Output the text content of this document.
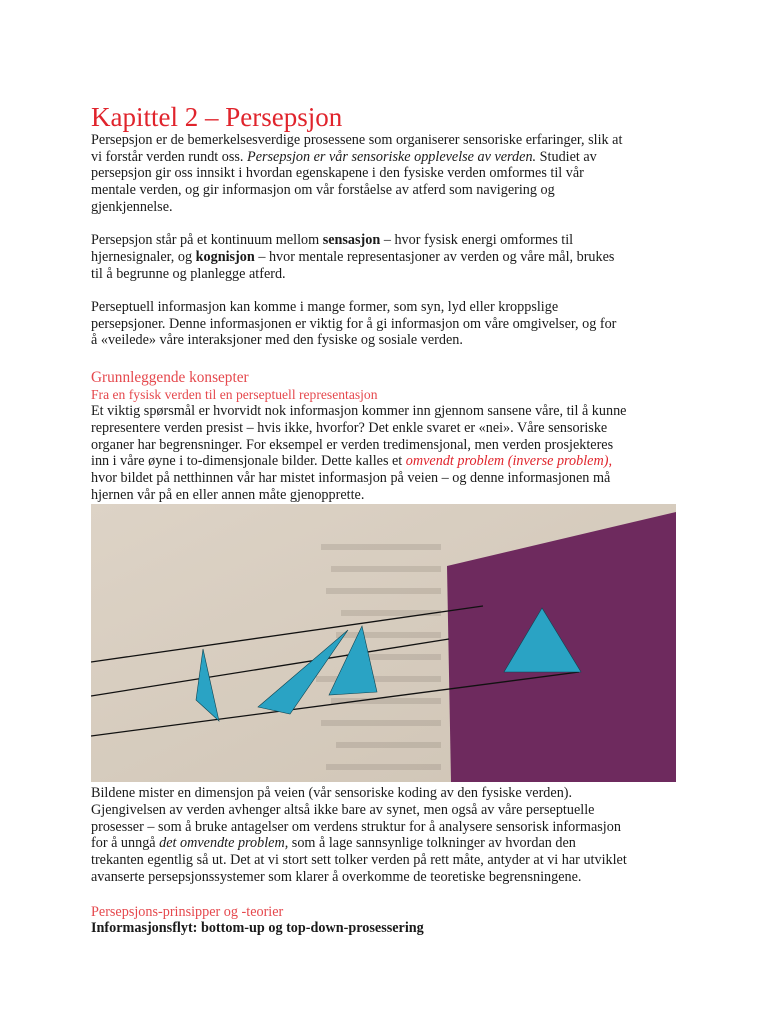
Kapittel 2 – Persepsjon

Persepsjon er de bemerkelsesverdige prosessene som organiserer sensoriske erfaringer, slik at
vi forstår verden rundt oss. Persepsjon er vår sensoriske opplevelse av verden. Studiet av
persepsjon gir oss innsikt i hvordan egenskapene i den fysiske verden omformes til vår
mentale verden, og gir informasjon om vår forståelse av atferd som navigering og
gjenkjennelse.

Persepsjon står på et kontinuum mellom sensasjon – hvor fysisk energi omformes til
hjernesignaler, og kognisjon – hvor mentale representasjoner av verden og våre mål, brukes
til å begrunne og planlegge atferd.

Perseptuell informasjon kan komme i mange former, som syn, lyd eller kroppslige
persepsjoner. Denne informasjonen er viktig for å gi informasjon om våre omgivelser, og for
å «veilede» våre interaksjoner med den fysiske og sosiale verden.

Grunnleggende konsepter

Fra en fysisk verden til en perseptuell representasjon

Et viktig spørsmål er hvorvidt nok informasjon kommer inn gjennom sansene våre, til å kunne
representere verden presist – hvis ikke, hvorfor? Det enkle svaret er «nei». Våre sensoriske
organer har begrensninger. For eksempel er verden tredimensjonal, men verden prosjekteres
inn i våre øyne i to-dimensjonale bilder. Dette kalles et omvendt problem (inverse problem),
hvor bildet på netthinnen vår har mistet informasjon på veien – og denne informasjonen må
hjernen vår på en eller annen måte gjenopprette.

Bildene mister en dimensjon på veien (vår sensoriske koding av den fysiske verden).
Gjengivelsen av verden avhenger altså ikke bare av synet, men også av våre perseptuelle
prosesser – som å bruke antagelser om verdens struktur for å analysere sensorisk informasjon
for å unngå det omvendte problem, som å lage sannsynlige tolkninger av hvordan den
trekanten egentlig så ut. Det at vi stort sett tolker verden på rett måte, antyder at vi har utviklet
avanserte persepsjonssystemer som klarer å overkomme de teoretiske begrensningene.

Persepsjons-prinsipper og -teorier

Informasjonsflyt: bottom-up og top-down-prosessering
